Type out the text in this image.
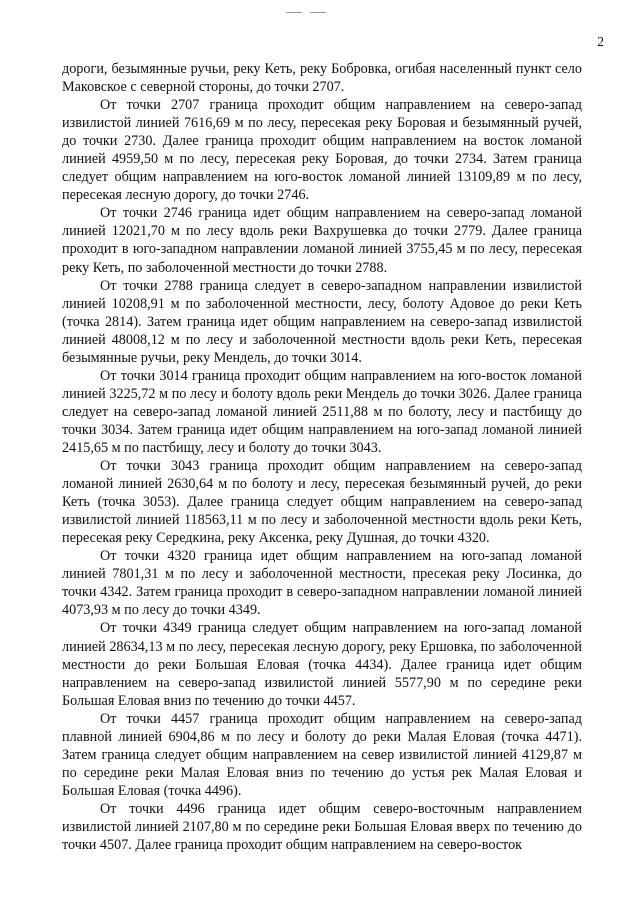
2

дороги, безымянные ручьи, реку Кеть, реку Бобровка, огибая населенный пункт село Маковское с северной стороны, до точки 2707.

От точки 2707 граница проходит общим направлением на северо-запад извилистой линией 7616,69 м по лесу, пересекая реку Боровая и безымянный ручей, до точки 2730. Далее граница проходит общим направлением на восток ломаной линией 4959,50 м по лесу, пересекая реку Боровая, до точки 2734. Затем граница следует общим направлением на юго-восток ломаной линией 13109,89 м по лесу, пересекая лесную дорогу, до точки 2746.

От точки 2746 граница идет общим направлением на северо-запад ломаной линией 12021,70 м по лесу вдоль реки Вахрушевка до точки 2779. Далее граница проходит в юго-западном направлении ломаной линией 3755,45 м по лесу, пересекая реку Кеть, по заболоченной местности до точки 2788.

От точки 2788 граница следует в северо-западном направлении извилистой линией 10208,91 м по заболоченной местности, лесу, болоту Адовое до реки Кеть (точка 2814). Затем граница идет общим направлением на северо-запад извилистой линией 48008,12 м по лесу и заболоченной местности вдоль реки Кеть, пересекая безымянные ручьи, реку Мендель, до точки 3014.

От точки 3014 граница проходит общим направлением на юго-восток ломаной линией 3225,72 м по лесу и болоту вдоль реки Мендель до точки 3026. Далее граница следует на северо-запад ломаной линией 2511,88 м по болоту, лесу и пастбищу до точки 3034. Затем граница идет общим направлением на юго-запад ломаной линией 2415,65 м по пастбищу, лесу и болоту до точки 3043.

От точки 3043 граница проходит общим направлением на северо-запад ломаной линией 2630,64 м по болоту и лесу, пересекая безымянный ручей, до реки Кеть (точка 3053). Далее граница следует общим направлением на северо-запад извилистой линией 118563,11 м по лесу и заболоченной местности вдоль реки Кеть, пересекая реку Середкина, реку Аксенка, реку Душная, до точки 4320.

От точки 4320 граница идет общим направлением на юго-запад ломаной линией 7801,31 м по лесу и заболоченной местности, пресекая реку Лосинка, до точки 4342. Затем граница проходит в северо-западном направлении ломаной линией 4073,93 м по лесу до точки 4349.

От точки 4349 граница следует общим направлением на юго-запад ломаной линией 28634,13 м по лесу, пересекая лесную дорогу, реку Ершовка, по заболоченной местности до реки Большая Еловая (точка 4434). Далее граница идет общим направлением на северо-запад извилистой линией 5577,90 м по середине реки Большая Еловая вниз по течению до точки 4457.

От точки 4457 граница проходит общим направлением на северо-запад плавной линией 6904,86 м по лесу и болоту до реки Малая Еловая (точка 4471). Затем граница следует общим направлением на север извилистой линией 4129,87 м по середине реки Малая Еловая вниз по течению до устья рек Малая Еловая и Большая Еловая (точка 4496).

От точки 4496 граница идет общим северо-восточным направлением извилистой линией 2107,80 м по середине реки Большая Еловая вверх по течению до точки 4507. Далее граница проходит общим направлением на северо-восток
